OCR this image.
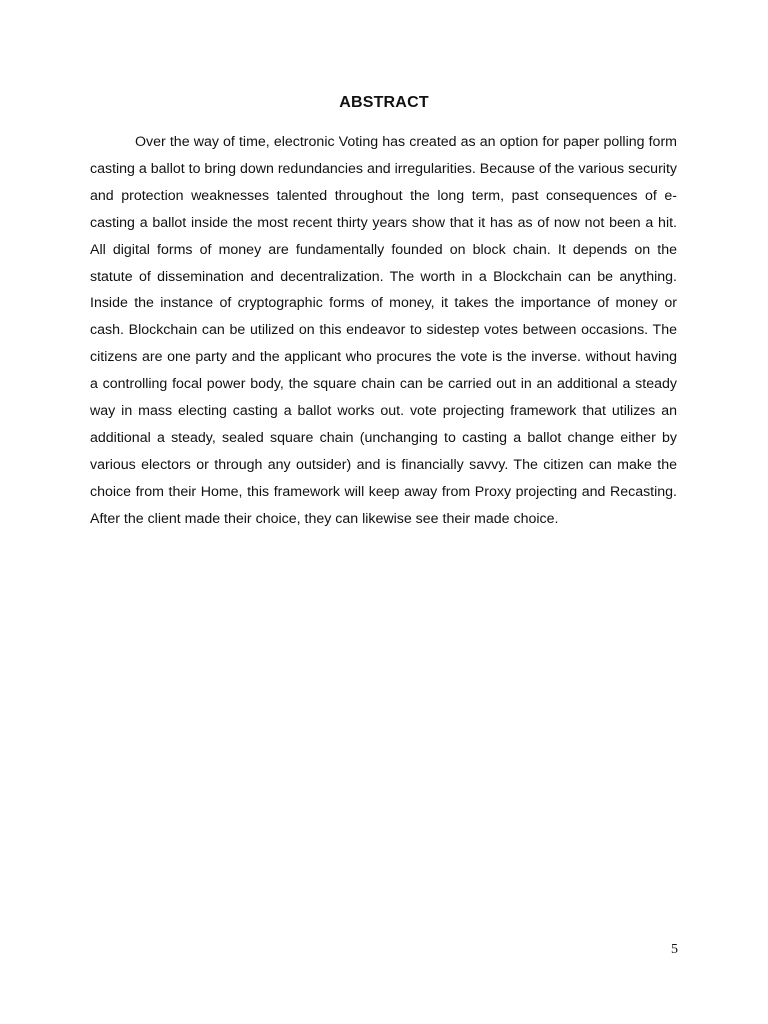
ABSTRACT

Over the way of time, electronic Voting has created as an option for paper polling form casting a ballot to bring down redundancies and irregularities. Because of the various security and protection weaknesses talented throughout the long term, past consequences of e-casting a ballot inside the most recent thirty years show that it has as of now not been a hit. All digital forms of money are fundamentally founded on block chain. It depends on the statute of dissemination and decentralization. The worth in a Blockchain can be anything. Inside the instance of cryptographic forms of money, it takes the importance of money or cash. Blockchain can be utilized on this endeavor to sidestep votes between occasions. The citizens are one party and the applicant who procures the vote is the inverse. without having a controlling focal power body, the square chain can be carried out in an additional a steady way in mass electing casting a ballot works out. vote projecting framework that utilizes an additional a steady, sealed square chain (unchanging to casting a ballot change either by various electors or through any outsider) and is financially savvy. The citizen can make the choice from their Home, this framework will keep away from Proxy projecting and Recasting. After the client made their choice, they can likewise see their made choice.

5
